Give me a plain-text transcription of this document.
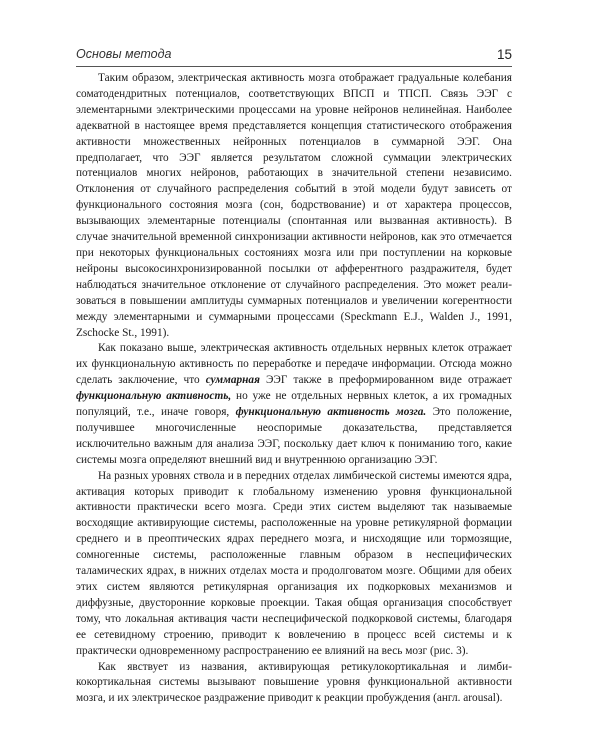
Основы метода	15

Таким образом, электрическая активность мозга отображает градуальные колебания соматодендритных потенциалов, соответствующих ВПСП и ТПСП. Связь ЭЭГ с элементарными электрическими процессами на уровне нейронов нелинейная. Наиболее адекватной в настоящее время представляется концепция статистического отображения активности множественных нейронных потенциалов в суммарной ЭЭГ. Она предполагает, что ЭЭГ является результатом сложной суммации электрических потенциалов многих нейронов, работающих в значительной степени независимо. Отклонения от случайного распределения событий в этой модели будут зависеть от функционального состояния мозга (сон, бодрствование) и от характера процессов, вызывающих элементарные потенциалы (спонтанная или вызванная активность). В случае значительной временной синхронизации активности нейронов, как это отмечается при некоторых функциональных состояниях мозга или при поступлении на корковые нейроны высокосинхронизированной посылки от афферентного раздражителя, будет наблюдаться значительное отклонение от случайного распределения. Это может реализоваться в повышении амплитуды суммарных потенциалов и увеличении когерентности между элементарными и суммарными процессами (Speckmann E.J., Walden J., 1991, Zschocke St., 1991).

Как показано выше, электрическая активность отдельных нервных клеток отражает их функциональную активность по переработке и передаче информации. Отсюда можно сделать заключение, что суммарная ЭЭГ также в преформированном виде отражает функциональную активность, но уже не отдельных нервных клеток, а их громадных популяций, т.е., иначе говоря, функциональную активность мозга. Это положение, получившее многочисленные неоспоримые доказательства, представляется исключительно важным для анализа ЭЭГ, поскольку дает ключ к пониманию того, какие системы мозга определяют внешний вид и внутреннюю организацию ЭЭГ.

На разных уровнях ствола и в передних отделах лимбической системы имеются ядра, активация которых приводит к глобальному изменению уровня функциональной активности практически всего мозга. Среди этих систем выделяют так называемые восходящие активирующие системы, расположенные на уровне ретикулярной формации среднего и в преоптических ядрах переднего мозга, и нисходящие или тормозящие, сомногенные системы, расположенные главным образом в неспецифических таламических ядрах, в нижних отделах моста и продолговатом мозге. Общими для обеих этих систем являются ретикулярная организация их подкорковых механизмов и диффузные, двусторонние корковые проекции. Такая общая организация способствует тому, что локальная активация части неспецифической подкорковой системы, благодаря ее сетевидному строению, приводит к вовлечению в процесс всей системы и к практически одновременному распространению ее влияний на весь мозг (рис. 3).

Как явствует из названия, активирующая ретикулокортикальная и лимбикокортикальная системы вызывают повышение уровня функциональной активности мозга, и их электрическое раздражение приводит к реакции пробуждения (англ. arousal).
